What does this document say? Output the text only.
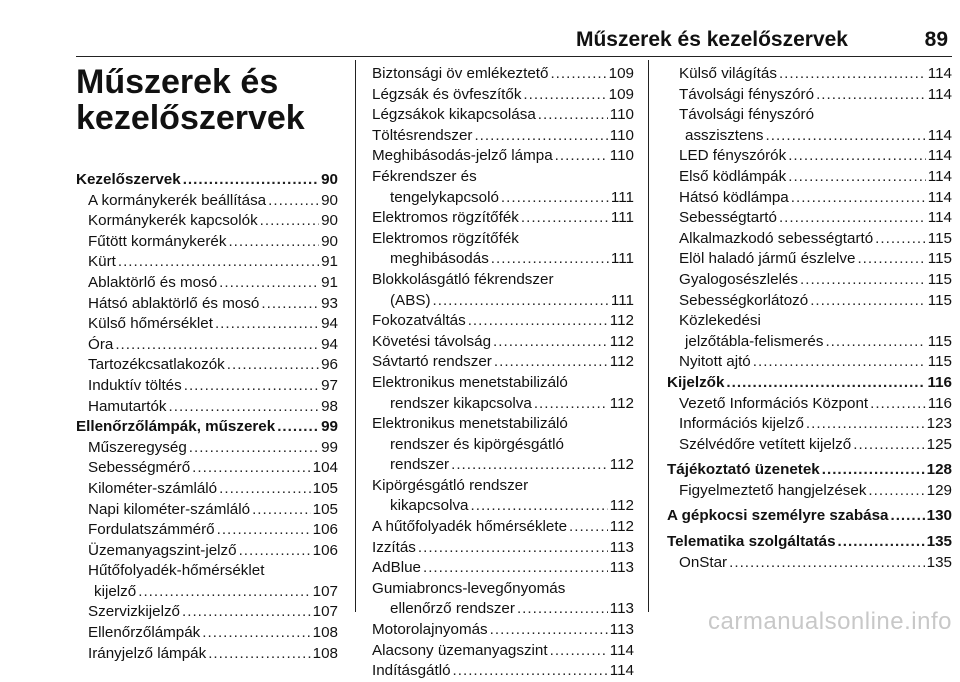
Műszerek és kezelőszervek	89
Műszerek és kezelőszervek
Kezelőszervek .....	90
A kormánykerék beállítása .....	90
Kormánykerék kapcsolók .....	90
Fűtött kormánykerék .....	90
Kürt .....	91
Ablaktörlő és mosó .....	91
Hátsó ablaktörlő és mosó .....	93
Külső hőmérséklet .....	94
Óra .....	94
Tartozékcsatlakozók .....	96
Induktív töltés .....	97
Hamutartók .....	98
Ellenőrzőlámpák, műszerek .....	99
Műszeregység .....	99
Sebességmérő .....	104
Kilométer-számláló .....	105
Napi kilométer-számláló .....	105
Fordulatszámmérő .....	106
Üzemanyagszint-jelző .....	106
Hűtőfolyadék-hőmérséklet
kijelző .....	107
Szervizkijelző .....	107
Ellenőrzőlámpák .....	108
Irányjelző lámpák .....	108
Biztonsági öv emlékeztető .....	109
Légzsák és övfeszítők .....	109
Légzsákok kikapcsolása .....	110
Töltésrendszer .....	110
Meghibásodás-jelző lámpa .....	110
Fékrendszer és
tengelykapcsoló .....	111
Elektromos rögzítőfék .....	111
Elektromos rögzítőfék
meghibásodás .....	111
Blokkolásgátló fékrendszer
(ABS) .....	111
Fokozatváltás .....	112
Követési távolság .....	112
Sávtartó rendszer .....	112
Elektronikus menetstabilizáló
rendszer kikapcsolva .....	112
Elektronikus menetstabilizáló
rendszer és kipörgésgátló
rendszer .....	112
Kipörgésgátló rendszer
kikapcsolva .....	112
A hűtőfolyadék hőmérséklete .....	112
Izzítás .....	113
AdBlue .....	113
Gumiabroncs-levegőnyomás
ellenőrző rendszer .....	113
Motorolajnyomás .....	113
Alacsony üzemanyagszint .....	114
Indításgátló .....	114
Külső világítás .....	114
Távolsági fényszóró .....	114
Távolsági fényszóró
asszisztens .....	114
LED fényszórók .....	114
Első ködlámpák .....	114
Hátsó ködlámpa .....	114
Sebességtartó .....	114
Alkalmazkodó sebességtartó .....	115
Elöl haladó jármű észlelve .....	115
Gyalogosészlelés .....	115
Sebességkorlátozó .....	115
Közlekedési
jelzőtábla-felismerés .....	115
Nyitott ajtó .....	115
Kijelzők .....	116
Vezető Információs Központ .....	116
Információs kijelző .....	123
Szélvédőre vetített kijelző .....	125
Tájékoztató üzenetek .....	128
Figyelmeztető hangjelzések .....	129
A gépkocsi személyre szabása .....	130
Telematika szolgáltatás .....	135
OnStar .....	135
carmanualsonline.info
